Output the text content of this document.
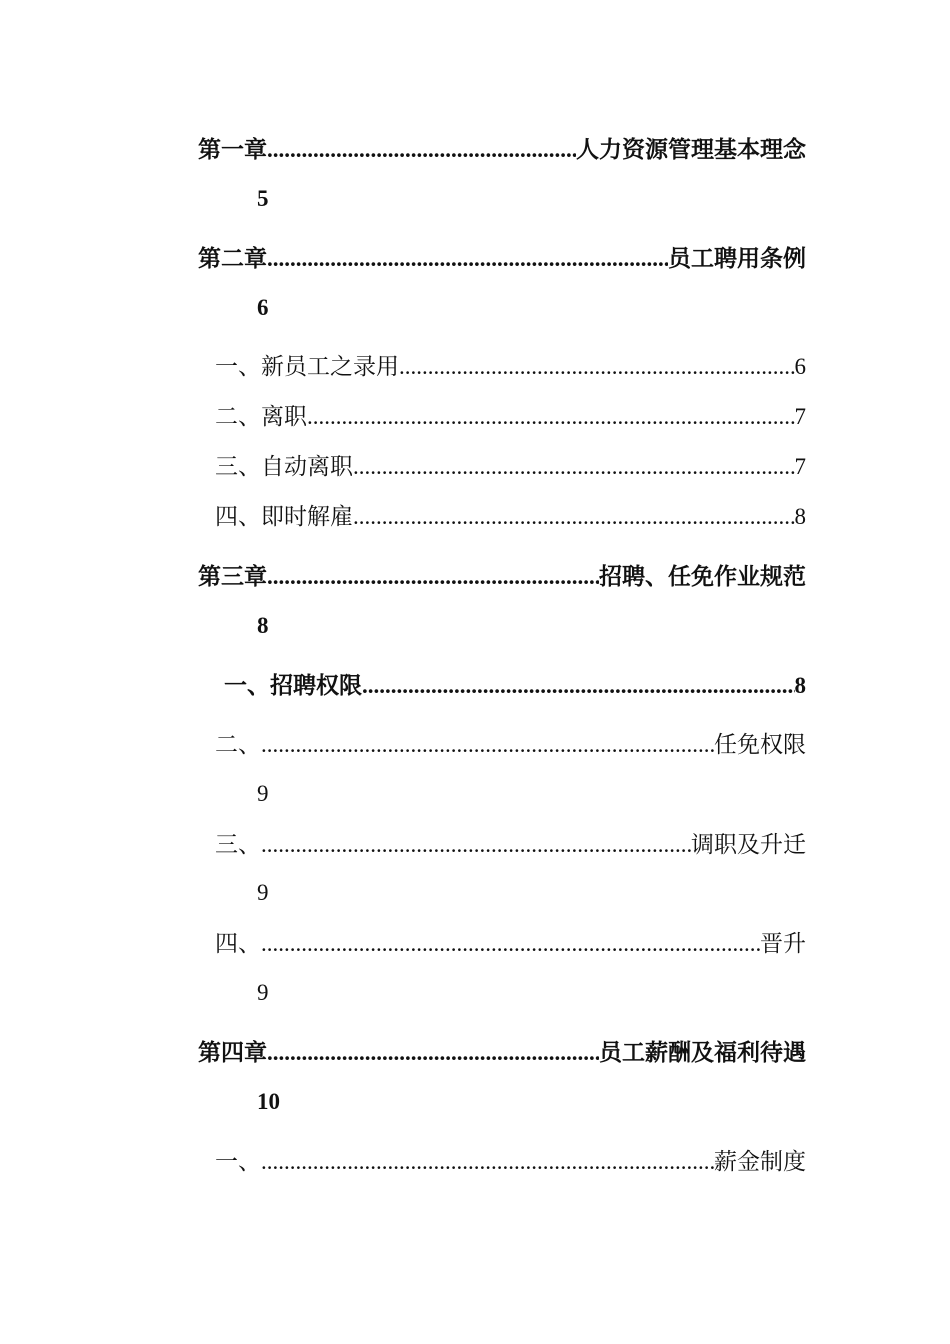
第一章 .....	人力资源管理基本理念
5
第二章 .....	员工聘用条例
6
一、新员工之录用 .....	6
二、离职 .....	7
三、自动离职 .....	7
四、即时解雇 .....	8
第三章 .....	招聘、任免作业规范
8
一、招聘权限 .....	8
二、 .....	任免权限
9
三、 .....	调职及升迁
9
四、 .....	晋升
9
第四章 .....	员工薪酬及福利待遇
10
一、 .....	薪金制度
